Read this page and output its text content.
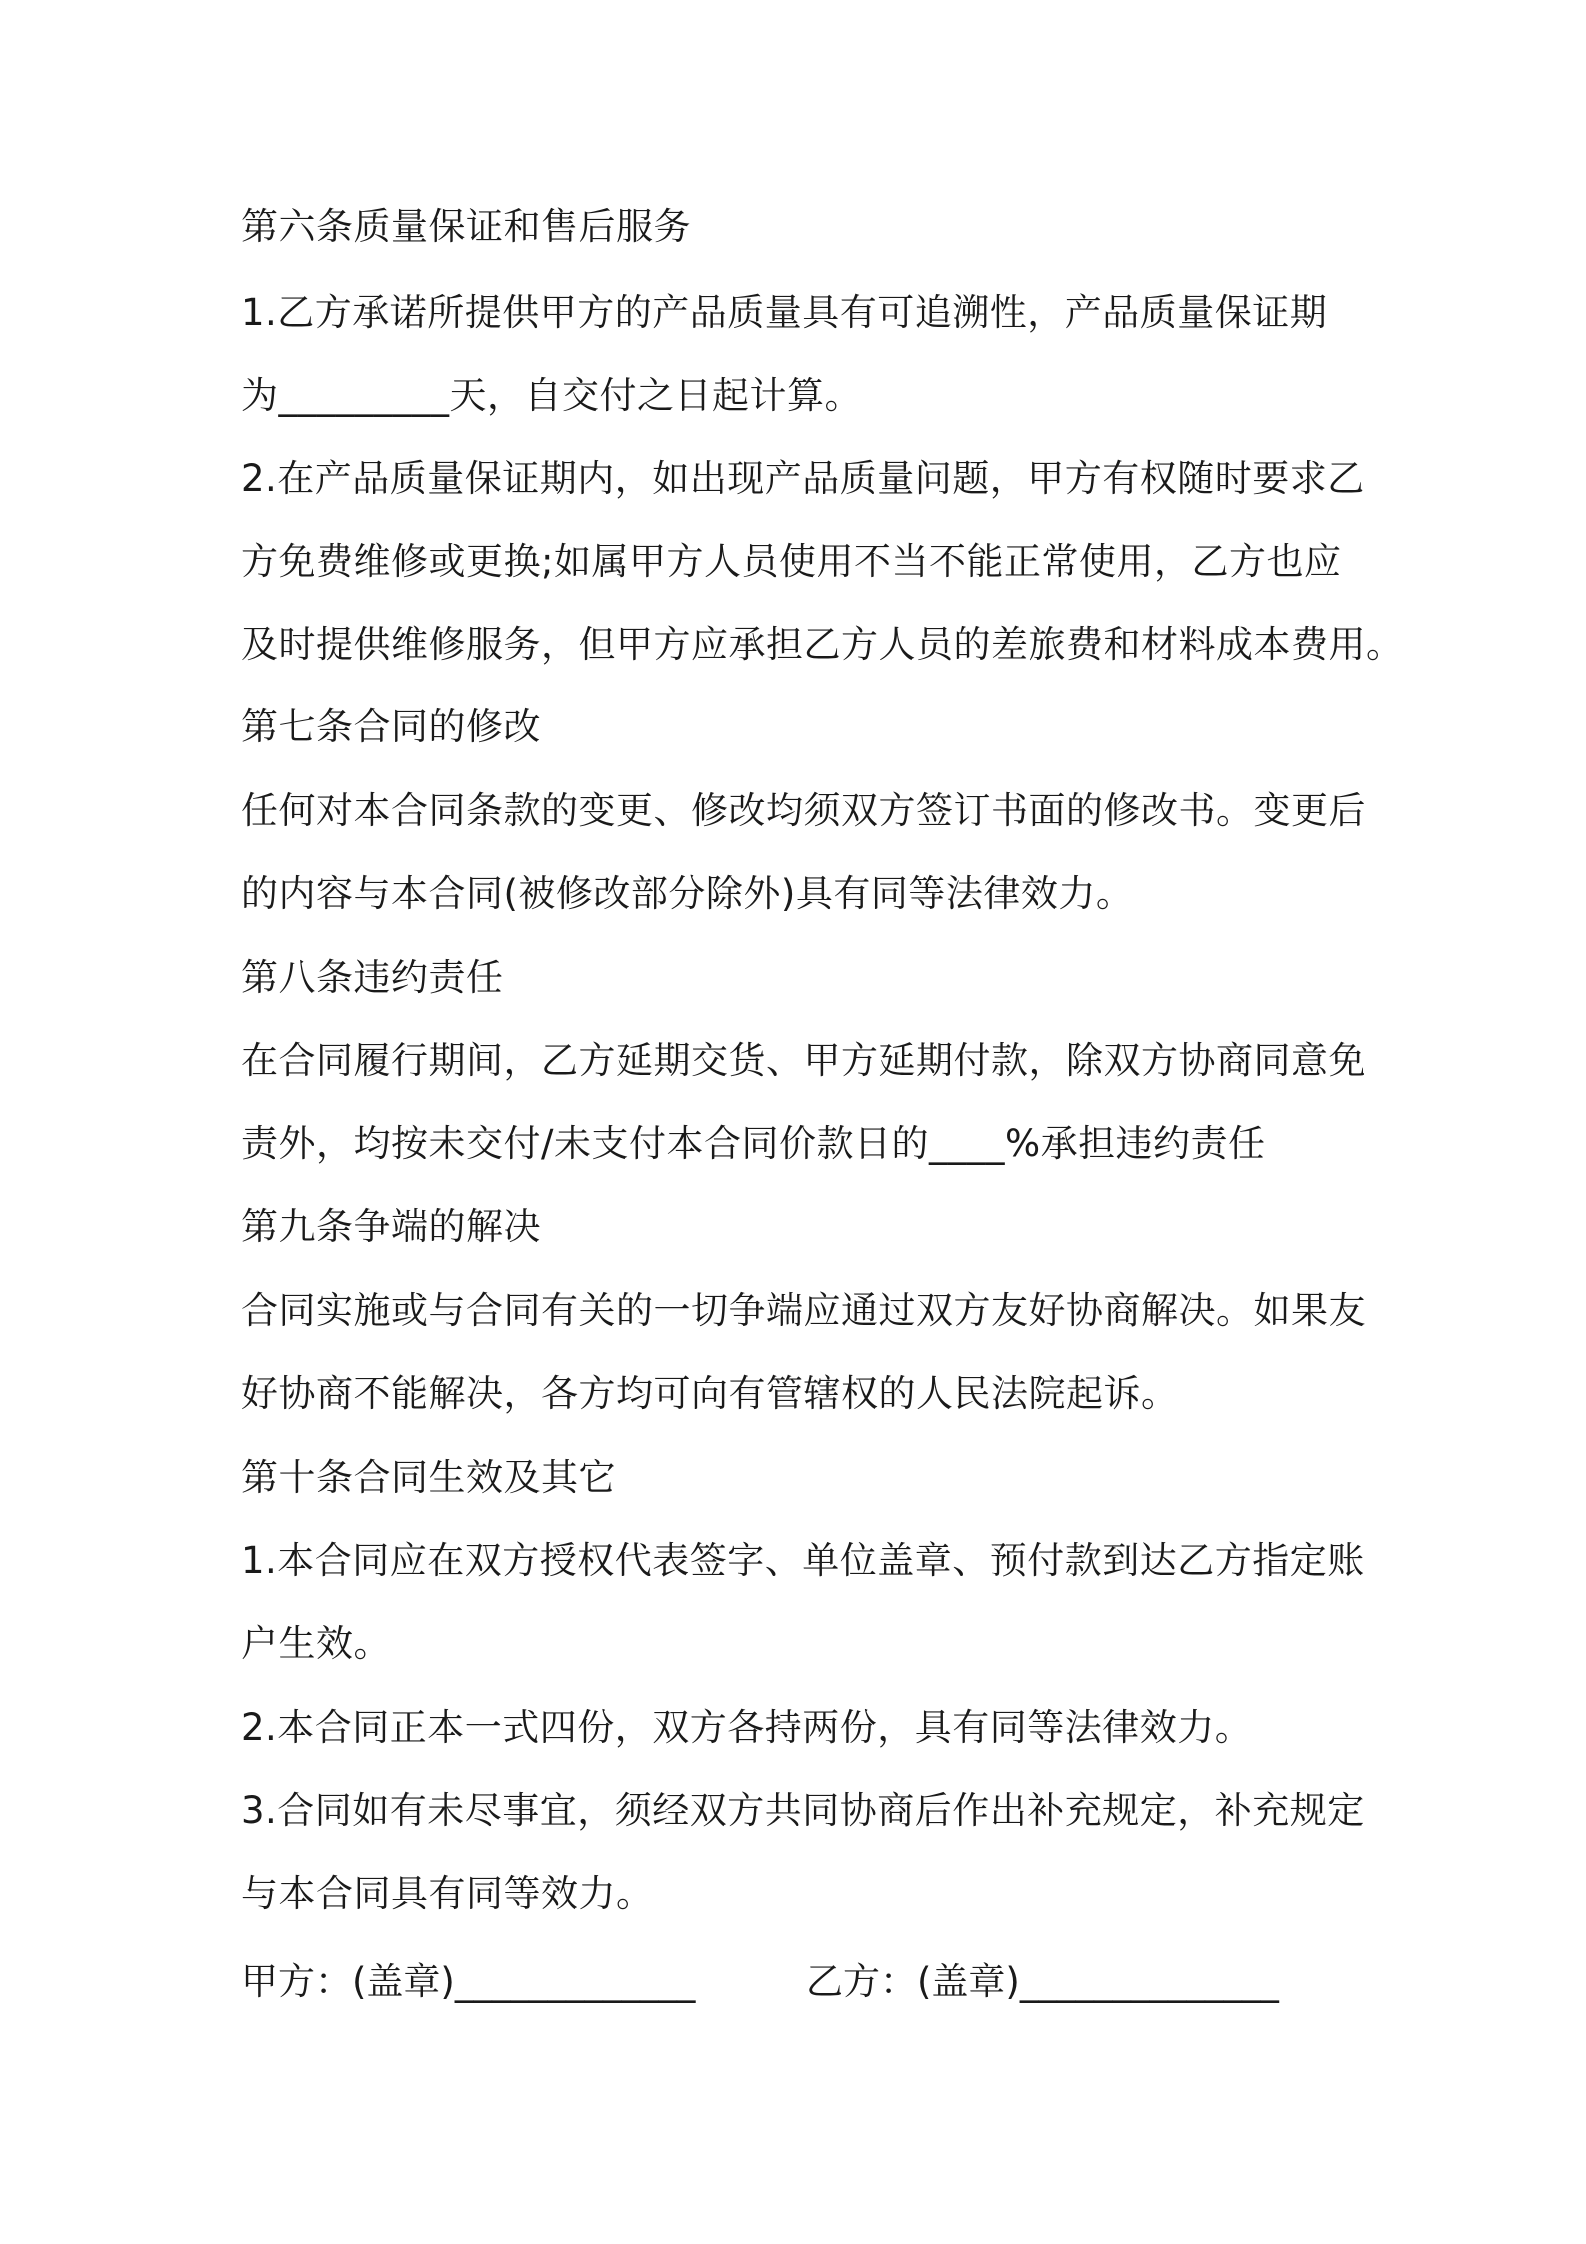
第六条质量保证和售后服务
1.乙方承诺所提供甲方的产品质量具有可追溯性，产品质量保证期
为_________天，自交付之日起计算。
2.在产品质量保证期内，如出现产品质量问题，甲方有权随时要求乙
方免费维修或更换;如属甲方人员使用不当不能正常使用，乙方也应
及时提供维修服务，但甲方应承担乙方人员的差旅费和材料成本费用。
第七条合同的修改
任何对本合同条款的变更、修改均须双方签订书面的修改书。变更后
的内容与本合同(被修改部分除外)具有同等法律效力。
第八条违约责任
在合同履行期间，乙方延期交货、甲方延期付款，除双方协商同意免
责外，均按未交付/未支付本合同价款日的____%承担违约责任
第九条争端的解决
合同实施或与合同有关的一切争端应通过双方友好协商解决。如果友
好协商不能解决，各方均可向有管辖权的人民法院起诉。
第十条合同生效及其它
1.本合同应在双方授权代表签字、单位盖章、预付款到达乙方指定账
户生效。
2.本合同正本一式四份，双方各持两份，具有同等法律效力。
3.合同如有未尽事宜，须经双方共同协商后作出补充规定，补充规定
与本合同具有同等效力。
甲方：(盖章)_____________	乙方：(盖章)______________
